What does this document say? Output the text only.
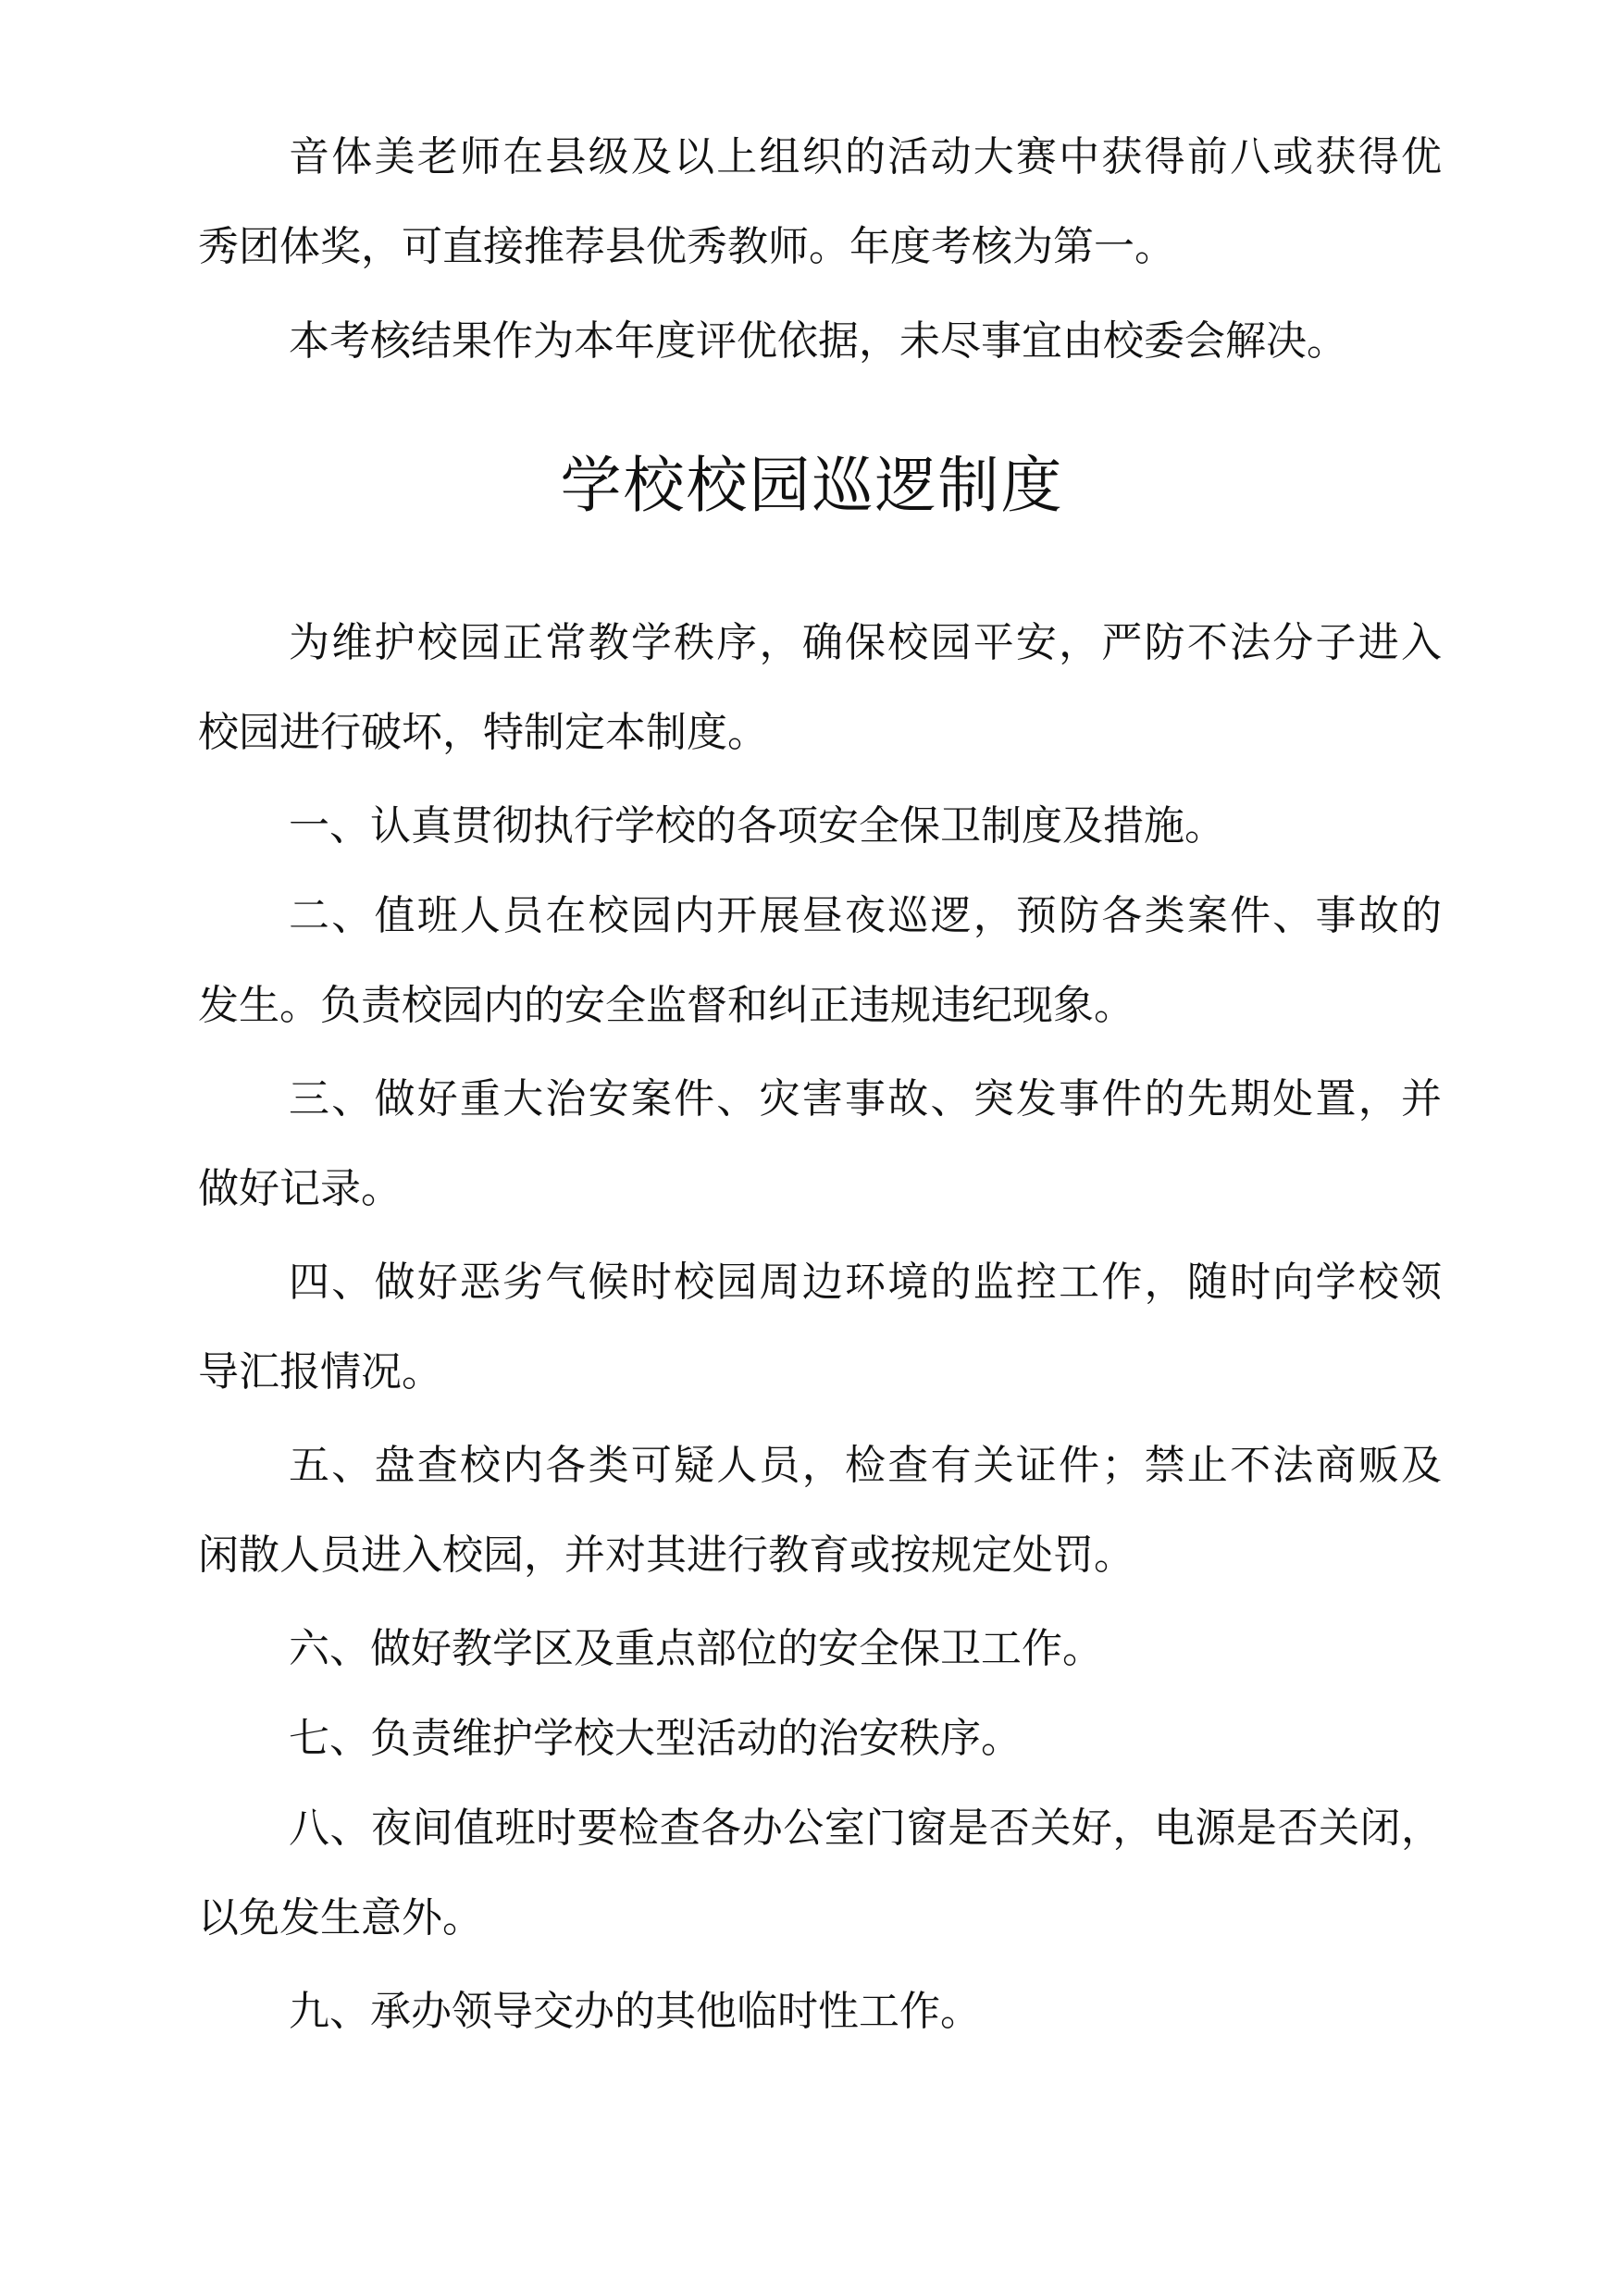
音体美老师在县级及以上组织的活动大赛中获得前八或获得优

秀团体奖，可直接推荐县优秀教师。年度考核为第一。

本考核结果作为本年度评优依据，未尽事宜由校委会解决。

学校校园巡逻制度

为维护校园正常教学秩序，确保校园平安，严防不法分子进入

校园进行破坏，特制定本制度。

一、认真贯彻执行学校的各项安全保卫制度及措施。

二、值班人员在校园内开展昼夜巡逻，预防各类案件、事故的

发生。负责校园内的安全监督和纠正违规违纪现象。

三、做好重大治安案件、灾害事故、突发事件的先期处置，并

做好记录。

四、做好恶劣气候时校园周边环境的监控工作，随时向学校领

导汇报情况。

五、盘查校内各类可疑人员，检查有关证件；禁止不法商贩及

闲散人员进入校园，并对其进行教育或按规定处罚。

六、做好教学区及重点部位的安全保卫工作。

七、负责维护学校大型活动的治安秩序。

八、夜间值班时要检查各办公室门窗是否关好，电源是否关闭，

以免发生意外。

九、承办领导交办的其他临时性工作。
